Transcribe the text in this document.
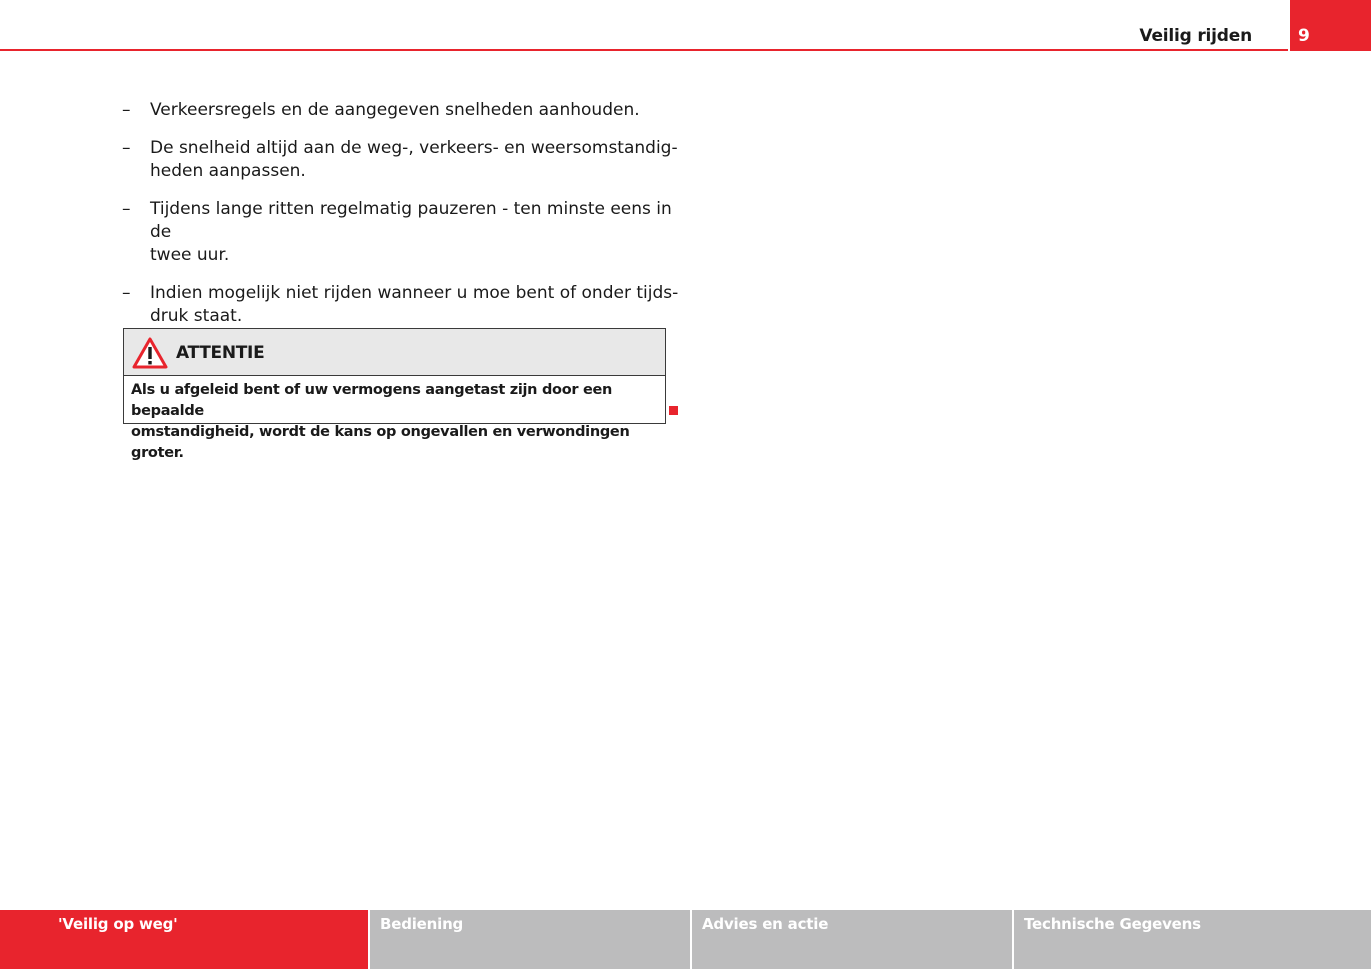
Veilig rijden	9
– Verkeersregels en de aangegeven snelheden aanhouden.
– De snelheid altijd aan de weg-, verkeers- en weersomstandig-
heden aanpassen.
– Tijdens lange ritten regelmatig pauzeren - ten minste eens in de
twee uur.
– Indien mogelijk niet rijden wanneer u moe bent of onder tijds-
druk staat.
ATTENTIE
Als u afgeleid bent of uw vermogens aangetast zijn door een bepaalde
omstandigheid, wordt de kans op ongevallen en verwondingen groter.
'Veilig op weg'	Bediening	Advies en actie	Technische Gegevens
